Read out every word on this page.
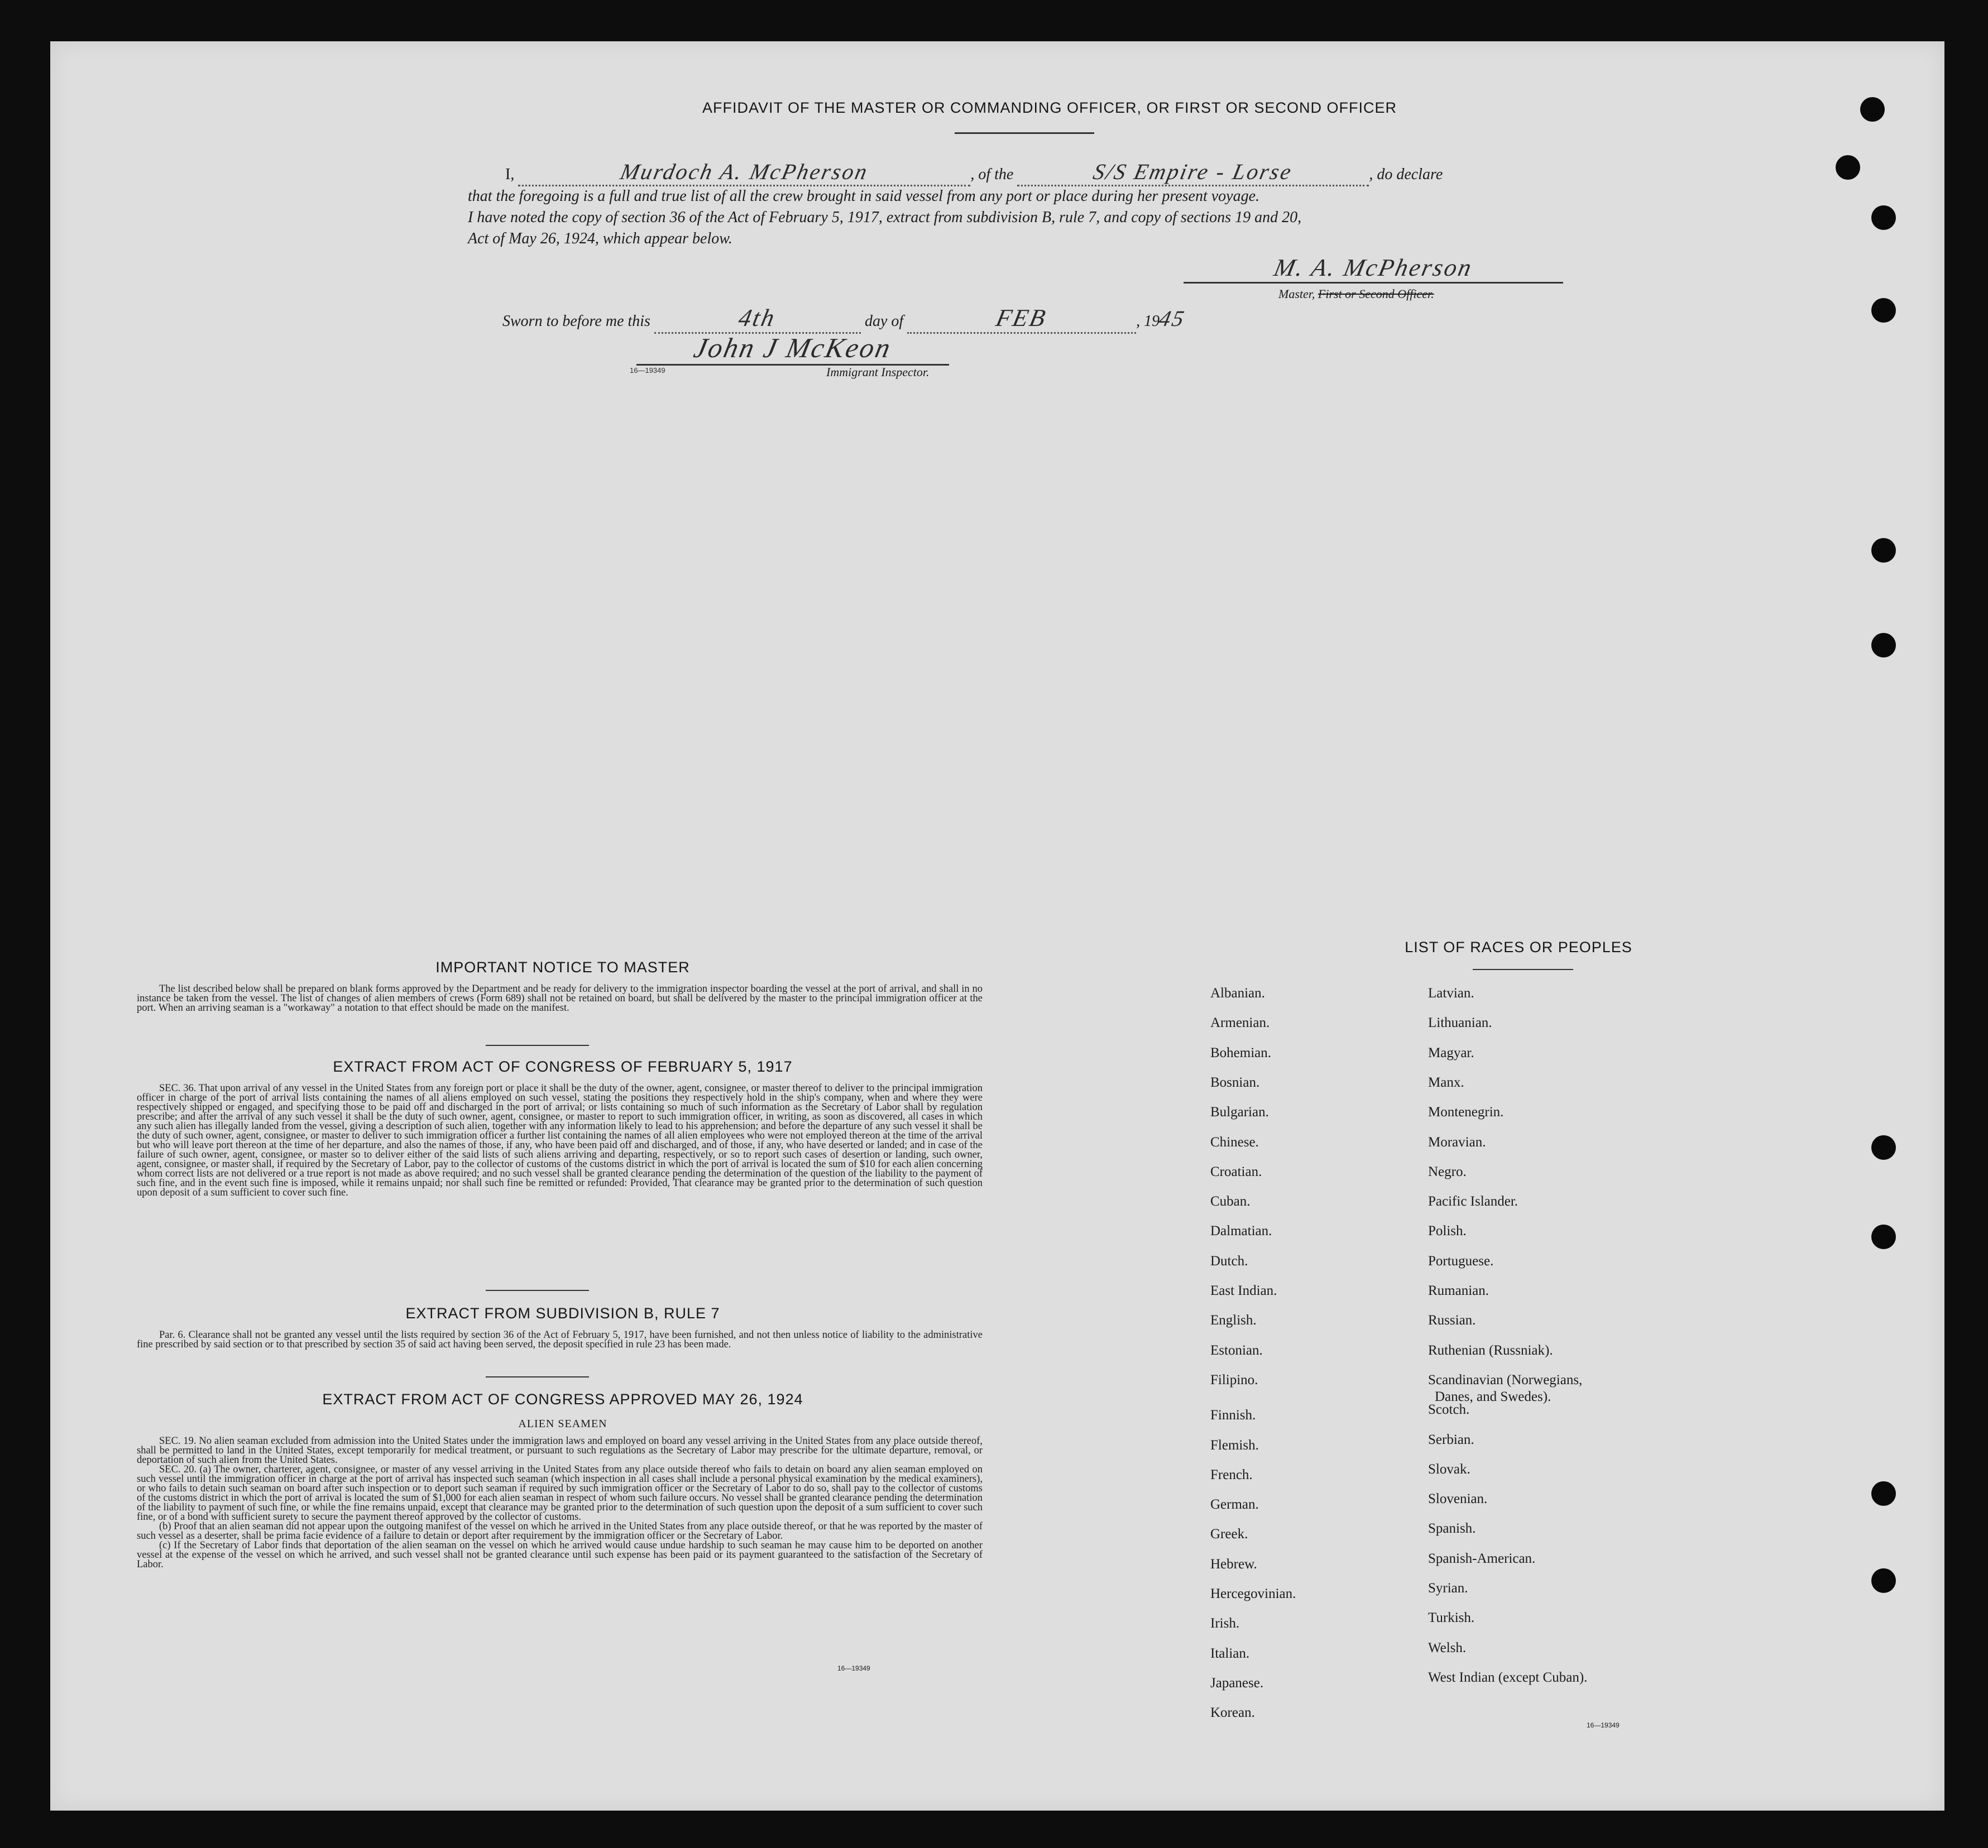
AFFIDAVIT OF THE MASTER OR COMMANDING OFFICER, OR FIRST OR SECOND OFFICER
I,	Murdoch A. McPherson	, of the	S/S Empire - Lorse	, do declare
that the foregoing is a full and true list of all the crew brought in said vessel from any port or place during her present voyage.
I have noted the copy of section 36 of the Act of February 5, 1917, extract from subdivision B, rule 7, and copy of sections 19 and 20,
Act of May 26, 1924, which appear below.
M. A. McPherson
Master, First or Second Officer.
Sworn to before me this	4th	day of	FEB	, 1945
John J McKeon
16—19349	Immigrant Inspector.
IMPORTANT NOTICE TO MASTER

The list described below shall be prepared on blank forms approved by the Department and be ready for delivery to the immigration inspector boarding the vessel at the port of arrival, and shall in no instance be taken from the vessel. The list of changes of alien members of crews (Form 689) shall not be retained on board, but shall be delivered by the master to the principal immigration officer at the port. When an arriving seaman is a "workaway" a notation to that effect should be made on the manifest.

EXTRACT FROM ACT OF CONGRESS OF FEBRUARY 5, 1917

SEC. 36. That upon arrival of any vessel in the United States from any foreign port or place it shall be the duty of the owner, agent, consignee, or master thereof to deliver to the principal immigration officer in charge of the port of arrival lists containing the names of all aliens employed on such vessel, stating the positions they respectively hold in the ship's company, when and where they were respectively shipped or engaged, and specifying those to be paid off and discharged in the port of arrival; or lists containing so much of such information as the Secretary of Labor shall by regulation prescribe; and after the arrival of any such vessel it shall be the duty of such owner, agent, consignee, or master to report to such immigration officer, in writing, as soon as discovered, all cases in which any such alien has illegally landed from the vessel, giving a description of such alien, together with any information likely to lead to his apprehension; and before the departure of any such vessel it shall be the duty of such owner, agent, consignee, or master to deliver to such immigration officer a further list containing the names of all alien employees who were not employed thereon at the time of the arrival but who will leave port thereon at the time of her departure, and also the names of those, if any, who have been paid off and discharged, and of those, if any, who have deserted or landed; and in case of the failure of such owner, agent, consignee, or master so to deliver either of the said lists of such aliens arriving and departing, respectively, or so to report such cases of desertion or landing, such owner, agent, consignee, or master shall, if required by the Secretary of Labor, pay to the collector of customs of the customs district in which the port of arrival is located the sum of $10 for each alien concerning whom correct lists are not delivered or a true report is not made as above required; and no such vessel shall be granted clearance pending the determination of the question of the liability to the payment of such fine, and in the event such fine is imposed, while it remains unpaid; nor shall such fine be remitted or refunded: Provided, That clearance may be granted prior to the determination of such question upon deposit of a sum sufficient to cover such fine.

EXTRACT FROM SUBDIVISION B, RULE 7

Par. 6. Clearance shall not be granted any vessel until the lists required by section 36 of the Act of February 5, 1917, have been furnished, and not then unless notice of liability to the administrative fine prescribed by said section or to that prescribed by section 35 of said act having been served, the deposit specified in rule 23 has been made.

EXTRACT FROM ACT OF CONGRESS APPROVED MAY 26, 1924
ALIEN SEAMEN

SEC. 19. No alien seaman excluded from admission into the United States under the immigration laws and employed on board any vessel arriving in the United States from any place outside thereof, shall be permitted to land in the United States, except temporarily for medical treatment, or pursuant to such regulations as the Secretary of Labor may prescribe for the ultimate departure, removal, or deportation of such alien from the United States.

SEC. 20. (a) The owner, charterer, agent, consignee, or master of any vessel arriving in the United States from any place outside thereof who fails to detain on board any alien seaman employed on such vessel until the immigration officer in charge at the port of arrival has inspected such seaman (which inspection in all cases shall include a personal physical examination by the medical examiners), or who fails to detain such seaman on board after such inspection or to deport such seaman if required by such immigration officer or the Secretary of Labor to do so, shall pay to the collector of customs of the customs district in which the port of arrival is located the sum of $1,000 for each alien seaman in respect of whom such failure occurs. No vessel shall be granted clearance pending the determination of the liability to payment of such fine, or while the fine remains unpaid, except that clearance may be granted prior to the determination of such question upon the deposit of a sum sufficient to cover such fine, or of a bond with sufficient surety to secure the payment thereof approved by the collector of customs.

(b) Proof that an alien seaman did not appear upon the outgoing manifest of the vessel on which he arrived in the United States from any place outside thereof, or that he was reported by the master of such vessel as a deserter, shall be prima facie evidence of a failure to detain or deport after requirement by the immigration officer or the Secretary of Labor.

(c) If the Secretary of Labor finds that deportation of the alien seaman on the vessel on which he arrived would cause undue hardship to such seaman he may cause him to be deported on another vessel at the expense of the vessel on which he arrived, and such vessel shall not be granted clearance until such expense has been paid or its payment guaranteed to the satisfaction of the Secretary of Labor.

16—19349
LIST OF RACES OR PEOPLES
16—19349
Albanian.
Armenian.
Bohemian.
Bosnian.
Bulgarian.
Chinese.
Croatian.
Cuban.
Dalmatian.
Dutch.
East Indian.
English.
Estonian.
Filipino.
Finnish.
Flemish.
French.
German.
Greek.
Hebrew.
Hercegovinian.
Irish.
Italian.
Japanese.
Korean.
Latvian.
Lithuanian.
Magyar.
Manx.
Montenegrin.
Moravian.
Negro.
Pacific Islander.
Polish.
Portuguese.
Rumanian.
Russian.
Ruthenian (Russniak).
Scandinavian (Norwegians,
Danes, and Swedes).
Scotch.
Serbian.
Slovak.
Slovenian.
Spanish.
Spanish-American.
Syrian.
Turkish.
Welsh.
West Indian (except Cuban).
